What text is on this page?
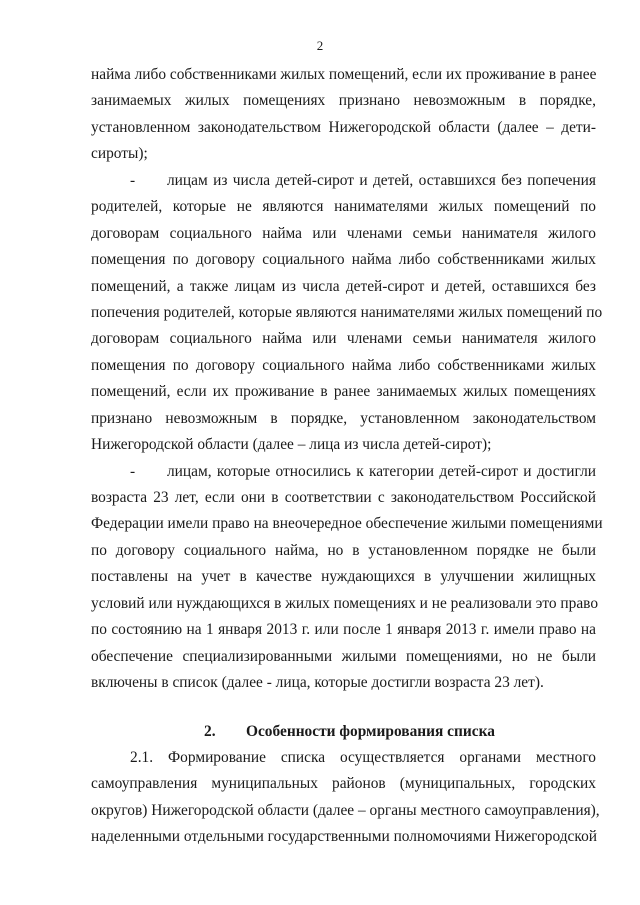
2
найма либо собственниками жилых помещений, если их проживание в ранее
занимаемых жилых помещениях признано невозможным в порядке,
установленном законодательством Нижегородской области (далее – дети-
сироты);
- лицам из числа детей-сирот и детей, оставшихся без попечения
родителей, которые не являются нанимателями жилых помещений по
договорам социального найма или членами семьи нанимателя жилого
помещения по договору социального найма либо собственниками жилых
помещений, а также лицам из числа детей-сирот и детей, оставшихся без
попечения родителей, которые являются нанимателями жилых помещений по
договорам социального найма или членами семьи нанимателя жилого
помещения по договору социального найма либо собственниками жилых
помещений, если их проживание в ранее занимаемых жилых помещениях
признано невозможным в порядке, установленном законодательством
Нижегородской области (далее – лица из числа детей-сирот);
- лицам, которые относились к категории детей-сирот и достигли
возраста 23 лет, если они в соответствии с законодательством Российской
Федерации имели право на внеочередное обеспечение жилыми помещениями
по договору социального найма, но в установленном порядке не были
поставлены на учет в качестве нуждающихся в улучшении жилищных
условий или нуждающихся в жилых помещениях и не реализовали это право
по состоянию на 1 января 2013 г. или после 1 января 2013 г. имели право на
обеспечение специализированными жилыми помещениями, но не были
включены в список (далее - лица, которые достигли возраста 23 лет).
2. Особенности формирования списка
2.1. Формирование списка осуществляется органами местного
самоуправления муниципальных районов (муниципальных, городских
округов) Нижегородской области (далее – органы местного самоуправления),
наделенными отдельными государственными полномочиями Нижегородской
